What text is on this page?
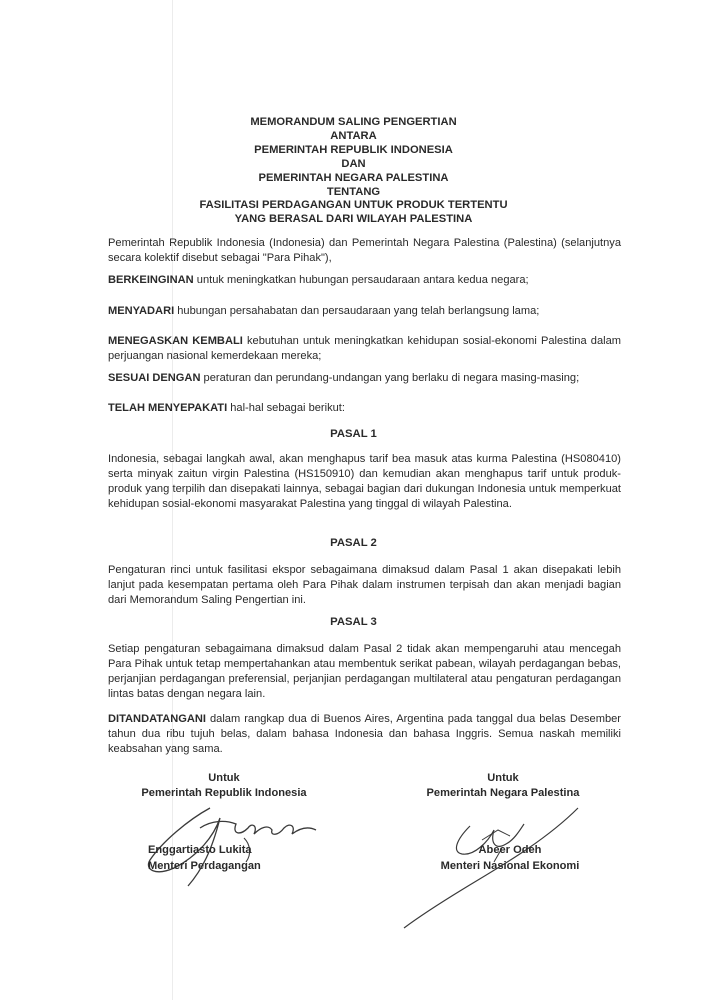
MEMORANDUM SALING PENGERTIAN
ANTARA
PEMERINTAH REPUBLIK INDONESIA
DAN
PEMERINTAH NEGARA PALESTINA
TENTANG
FASILITASI PERDAGANGAN UNTUK PRODUK TERTENTU
YANG BERASAL DARI WILAYAH PALESTINA
Pemerintah Republik Indonesia (Indonesia) dan Pemerintah Negara Palestina (Palestina) (selanjutnya secara kolektif disebut sebagai "Para Pihak"),
BERKEINGINAN untuk meningkatkan hubungan persaudaraan antara kedua negara;
MENYADARI hubungan persahabatan dan persaudaraan yang telah berlangsung lama;
MENEGASKAN KEMBALI kebutuhan untuk meningkatkan kehidupan sosial-ekonomi Palestina dalam perjuangan nasional kemerdekaan mereka;
SESUAI DENGAN peraturan dan perundang-undangan yang berlaku di negara masing-masing;
TELAH MENYEPAKATI hal-hal sebagai berikut:
PASAL 1
Indonesia, sebagai langkah awal, akan menghapus tarif bea masuk atas kurma Palestina (HS080410) serta minyak zaitun virgin Palestina (HS150910) dan kemudian akan menghapus tarif untuk produk-produk yang terpilih dan disepakati lainnya, sebagai bagian dari dukungan Indonesia untuk memperkuat kehidupan sosial-ekonomi masyarakat Palestina yang tinggal di wilayah Palestina.
PASAL 2
Pengaturan rinci untuk fasilitasi ekspor sebagaimana dimaksud dalam Pasal 1 akan disepakati lebih lanjut pada kesempatan pertama oleh Para Pihak dalam instrumen terpisah dan akan menjadi bagian dari Memorandum Saling Pengertian ini.
PASAL 3
Setiap pengaturan sebagaimana dimaksud dalam Pasal 2 tidak akan mempengaruhi atau mencegah Para Pihak untuk tetap mempertahankan atau membentuk serikat pabean, wilayah perdagangan bebas, perjanjian perdagangan preferensial, perjanjian perdagangan multilateral atau pengaturan perdagangan lintas batas dengan negara lain.
DITANDATANGANI dalam rangkap dua di Buenos Aires, Argentina pada tanggal dua belas Desember tahun dua ribu tujuh belas, dalam bahasa Indonesia dan bahasa Inggris. Semua naskah memiliki keabsahan yang sama.
Untuk
Pemerintah Republik Indonesia
Enggartiasto Lukita
Menteri Perdagangan
Untuk
Pemerintah Negara Palestina
Abeer Odeh
Menteri Nasional Ekonomi
